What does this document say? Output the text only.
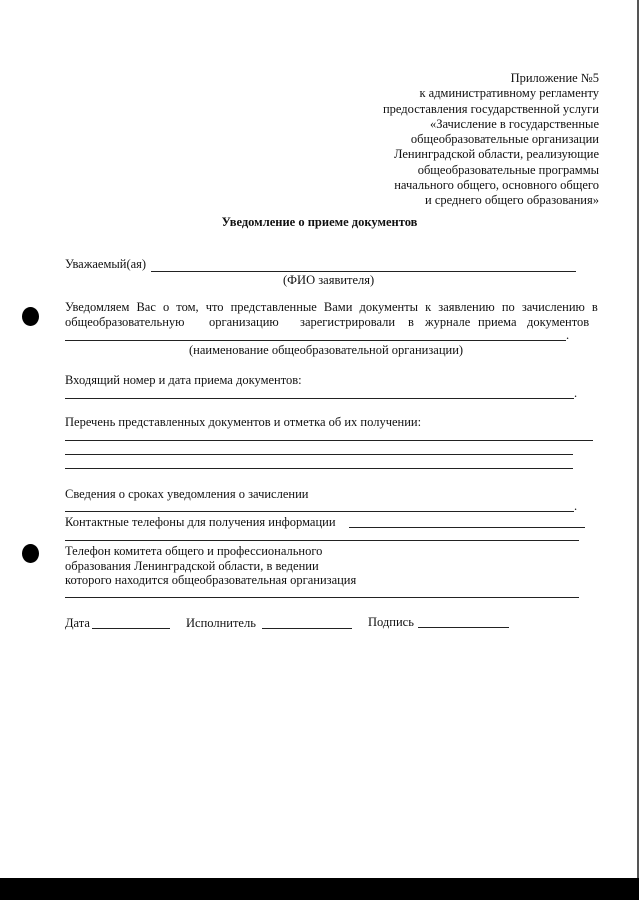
Приложение №5
к административному регламенту
предоставления государственной услуги
«Зачисление в государственные
общеобразовательные организации
Ленинградской области, реализующие
общеобразовательные программы
начального общего, основного общего
и среднего общего образования»
Уведомление о приеме документов
Уважаемый(ая)
(ФИО заявителя)
Уведомляем Вас о том, что представленные Вами документы к заявлению по зачислению в
общеобразовательную организацию зарегистрировали в журнале приема документов
.
(наименование общеобразовательной организации)
Входящий номер и дата приема документов:
.
Перечень представленных документов и отметка об их получении:
Сведения о сроках уведомления о зачислении
.
Контактные телефоны для получения информации
Телефон комитета общего и профессионального
образования Ленинградской области, в ведении
которого находится общеобразовательная организация
Дата	Исполнитель	Подпись
